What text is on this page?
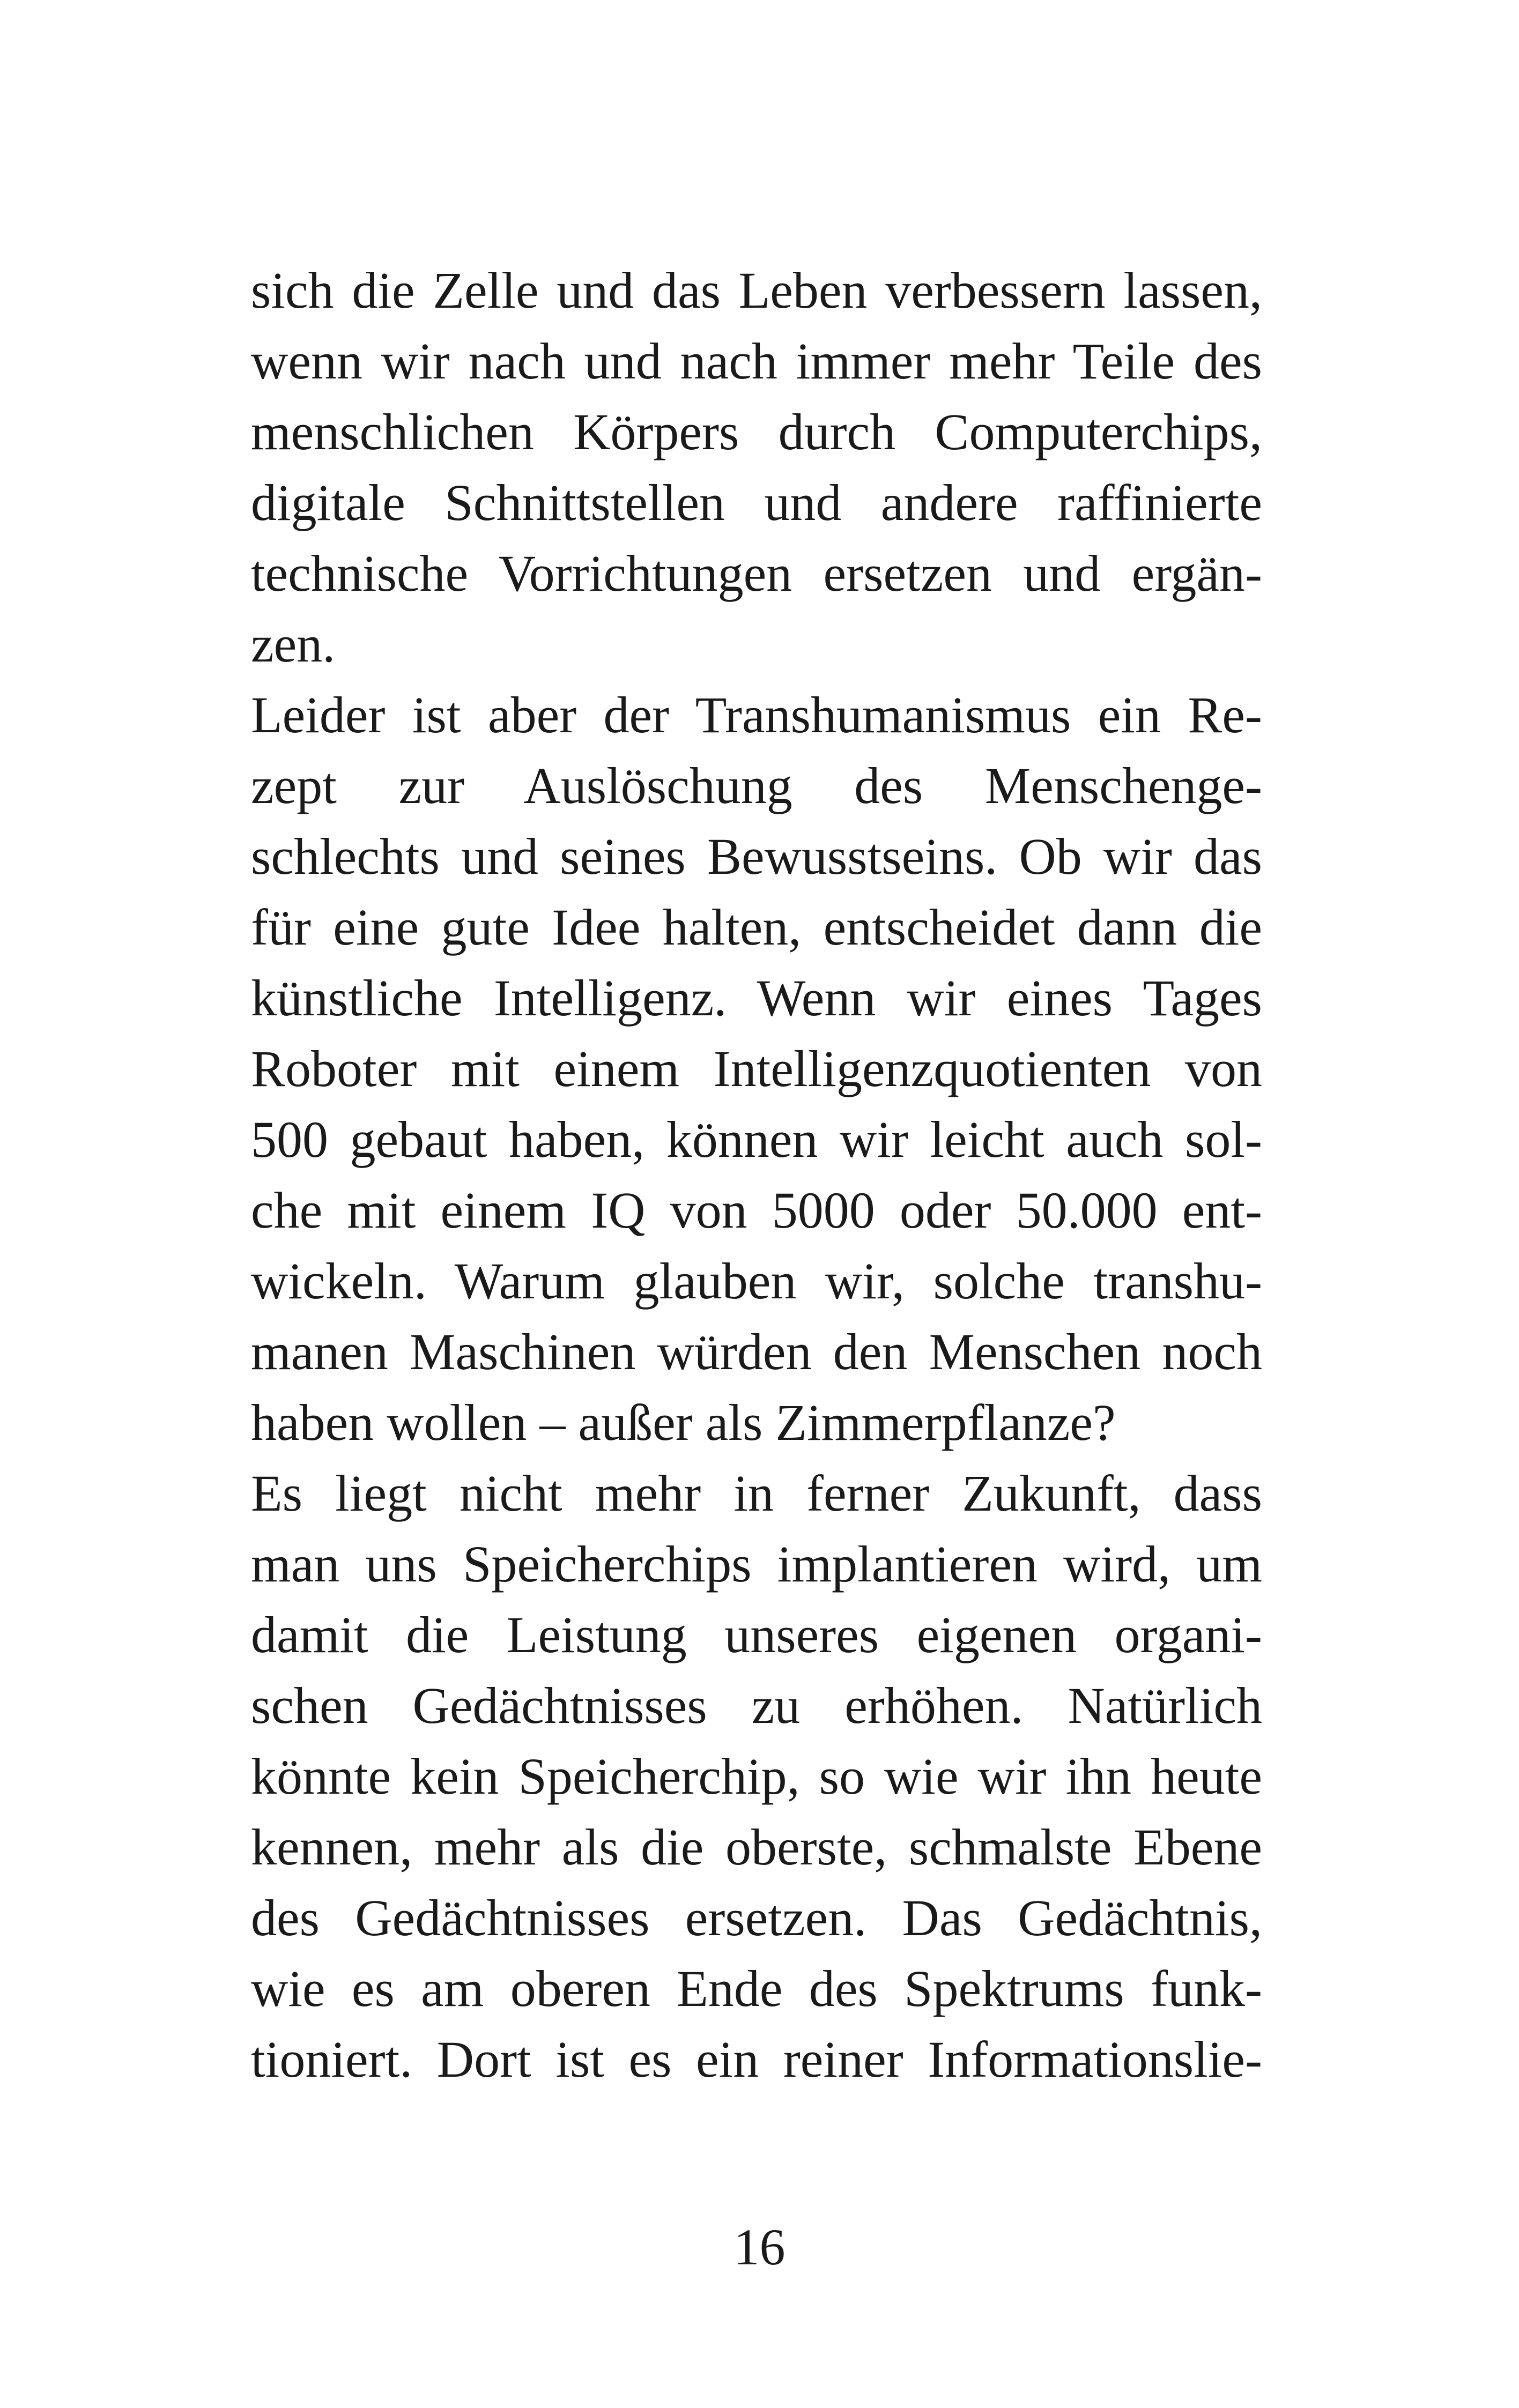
sich die Zelle und das Leben verbessern lassen,
wenn wir nach und nach immer mehr Teile des
menschlichen Körpers durch Computerchips,
digitale Schnittstellen und andere raffinierte
technische Vorrichtungen ersetzen und ergän-
zen.
Leider ist aber der Transhumanismus ein Re-
zept zur Auslöschung des Menschenge-
schlechts und seines Bewusstseins. Ob wir das
für eine gute Idee halten, entscheidet dann die
künstliche Intelligenz. Wenn wir eines Tages
Roboter mit einem Intelligenzquotienten von
500 gebaut haben, können wir leicht auch sol-
che mit einem IQ von 5000 oder 50.000 ent-
wickeln. Warum glauben wir, solche transhu-
manen Maschinen würden den Menschen noch
haben wollen – außer als Zimmerpflanze?
Es liegt nicht mehr in ferner Zukunft, dass
man uns Speicherchips implantieren wird, um
damit die Leistung unseres eigenen organi-
schen Gedächtnisses zu erhöhen. Natürlich
könnte kein Speicherchip, so wie wir ihn heute
kennen, mehr als die oberste, schmalste Ebene
des Gedächtnisses ersetzen. Das Gedächtnis,
wie es am oberen Ende des Spektrums funk-
tioniert. Dort ist es ein reiner Informationslie-
16
